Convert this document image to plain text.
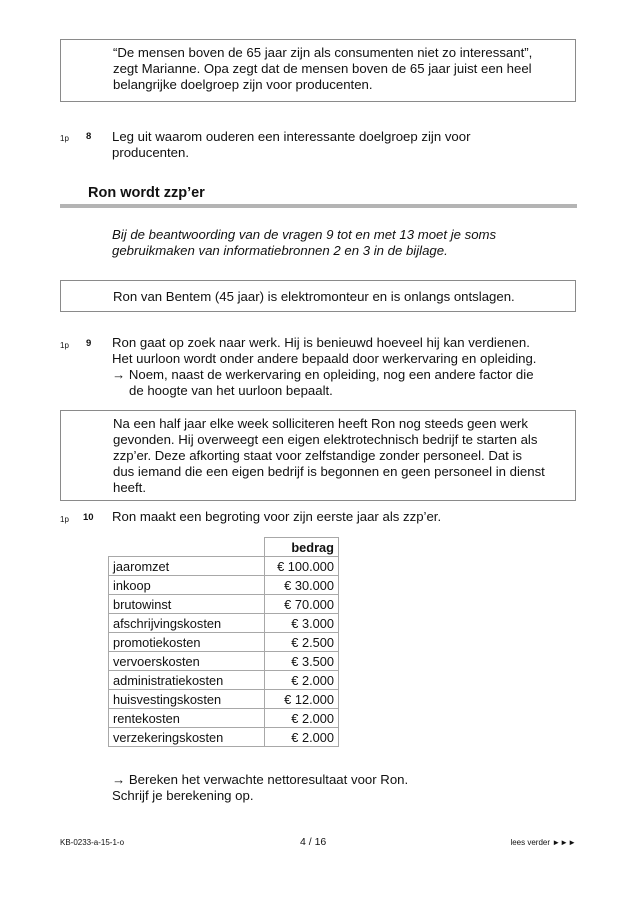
“De mensen boven de 65 jaar zijn als consumenten niet zo interessant”,
zegt Marianne. Opa zegt dat de mensen boven de 65 jaar juist een heel
belangrijke doelgroep zijn voor producenten.
1p 8 Leg uit waarom ouderen een interessante doelgroep zijn voor
producenten.
Ron wordt zzp’er
Bij de beantwoording van de vragen 9 tot en met 13 moet je soms
gebruikmaken van informatiebronnen 2 en 3 in de bijlage.
Ron van Bentem (45 jaar) is elektromonteur en is onlangs ontslagen.
1p 9 Ron gaat op zoek naar werk. Hij is benieuwd hoeveel hij kan verdienen.
Het uurloon wordt onder andere bepaald door werkervaring en opleiding.
→ Noem, naast de werkervaring en opleiding, nog een andere factor die
de hoogte van het uurloon bepaalt.
Na een half jaar elke week solliciteren heeft Ron nog steeds geen werk
gevonden. Hij overweegt een eigen elektrotechnisch bedrijf te starten als
zzp’er. Deze afkorting staat voor zelfstandige zonder personeel. Dat is
dus iemand die een eigen bedrijf is begonnen en geen personeel in dienst
heeft.
1p 10 Ron maakt een begroting voor zijn eerste jaar als zzp’er.
	bedrag
jaaromzet	€ 100.000
inkoop	€ 30.000
brutowinst	€ 70.000
afschrijvingskosten	€ 3.000
promotiekosten	€ 2.500
vervoerskosten	€ 3.500
administratiekosten	€ 2.000
huisvestingskosten	€ 12.000
rentekosten	€ 2.000
verzekeringskosten	€ 2.000
→ Bereken het verwachte nettoresultaat voor Ron.
Schrijf je berekening op.
KB-0233-a-15-1-o	4 / 16	lees verder ►►►
